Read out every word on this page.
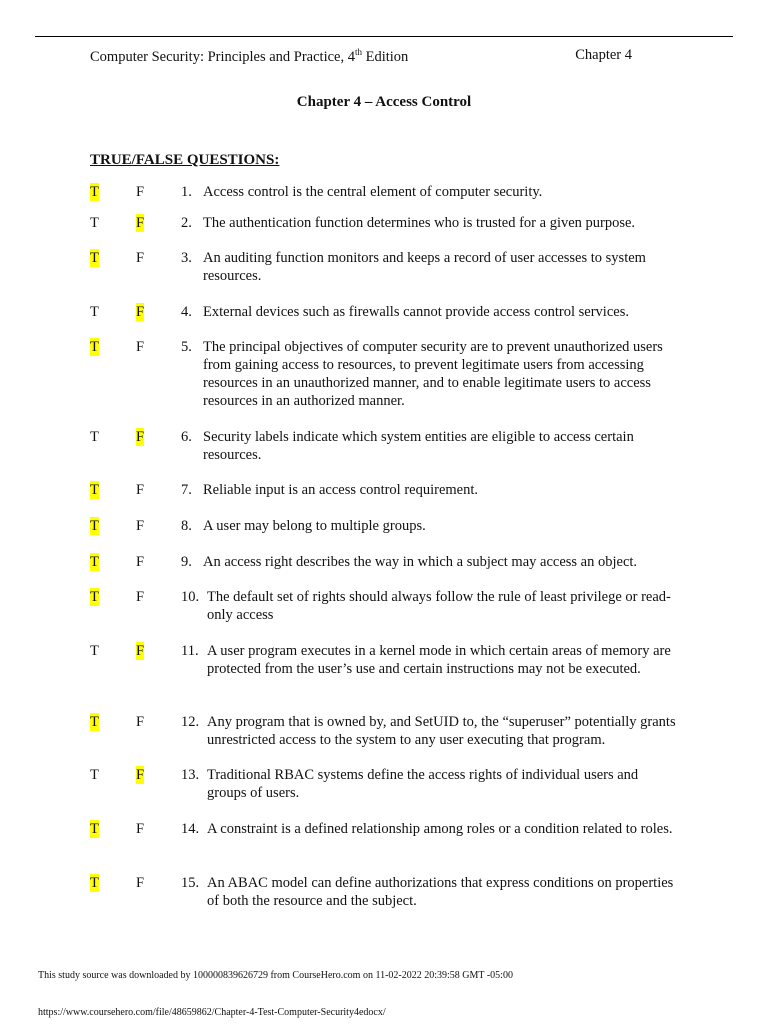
Computer Security: Principles and Practice, 4th Edition	Chapter 4
Chapter 4 – Access Control
TRUE/FALSE QUESTIONS:
T	F	1. Access control is the central element of computer security.
T	F	2. The authentication function determines who is trusted for a given purpose.
T	F	3. An auditing function monitors and keeps a record of user accesses to system resources.
T	F	4. External devices such as firewalls cannot provide access control services.
T	F	5. The principal objectives of computer security are to prevent unauthorized users from gaining access to resources, to prevent legitimate users from accessing resources in an unauthorized manner, and to enable legitimate users to access resources in an authorized manner.
T	F	6. Security labels indicate which system entities are eligible to access certain resources.
T	F	7. Reliable input is an access control requirement.
T	F	8. A user may belong to multiple groups.
T	F	9. An access right describes the way in which a subject may access an object.
T	F	10. The default set of rights should always follow the rule of least privilege or read-only access
T	F	11. A user program executes in a kernel mode in which certain areas of memory are protected from the user’s use and certain instructions may not be executed.
T	F	12. Any program that is owned by, and SetUID to, the “superuser” potentially grants unrestricted access to the system to any user executing that program.
T	F	13. Traditional RBAC systems define the access rights of individual users and groups of users.
T	F	14. A constraint is a defined relationship among roles or a condition related to roles.
T	F	15. An ABAC model can define authorizations that express conditions on properties of both the resource and the subject.
This study source was downloaded by 100000839626729 from CourseHero.com on 11-02-2022 20:39:58 GMT -05:00
https://www.coursehero.com/file/48659862/Chapter-4-Test-Computer-Security4edocx/
